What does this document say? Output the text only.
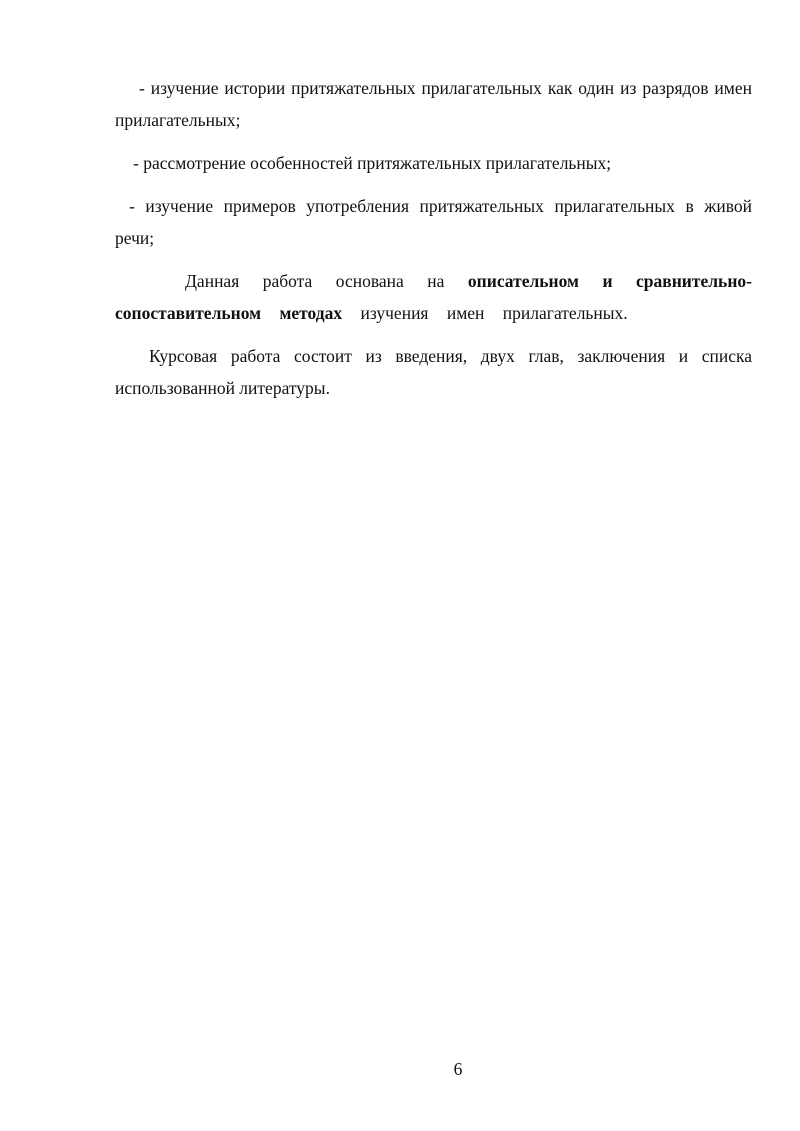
- изучение истории притяжательных прилагательных как один из разрядов имен прилагательных;

- рассмотрение особенностей притяжательных прилагательных;

- изучение примеров употребления притяжательных прилагательных в живой речи;

Данная работа основана на описательном и сравнительно-сопоставительном методах изучения имен прилагательных.

Курсовая работа состоит из введения, двух глав, заключения и списка использованной литературы.

6
